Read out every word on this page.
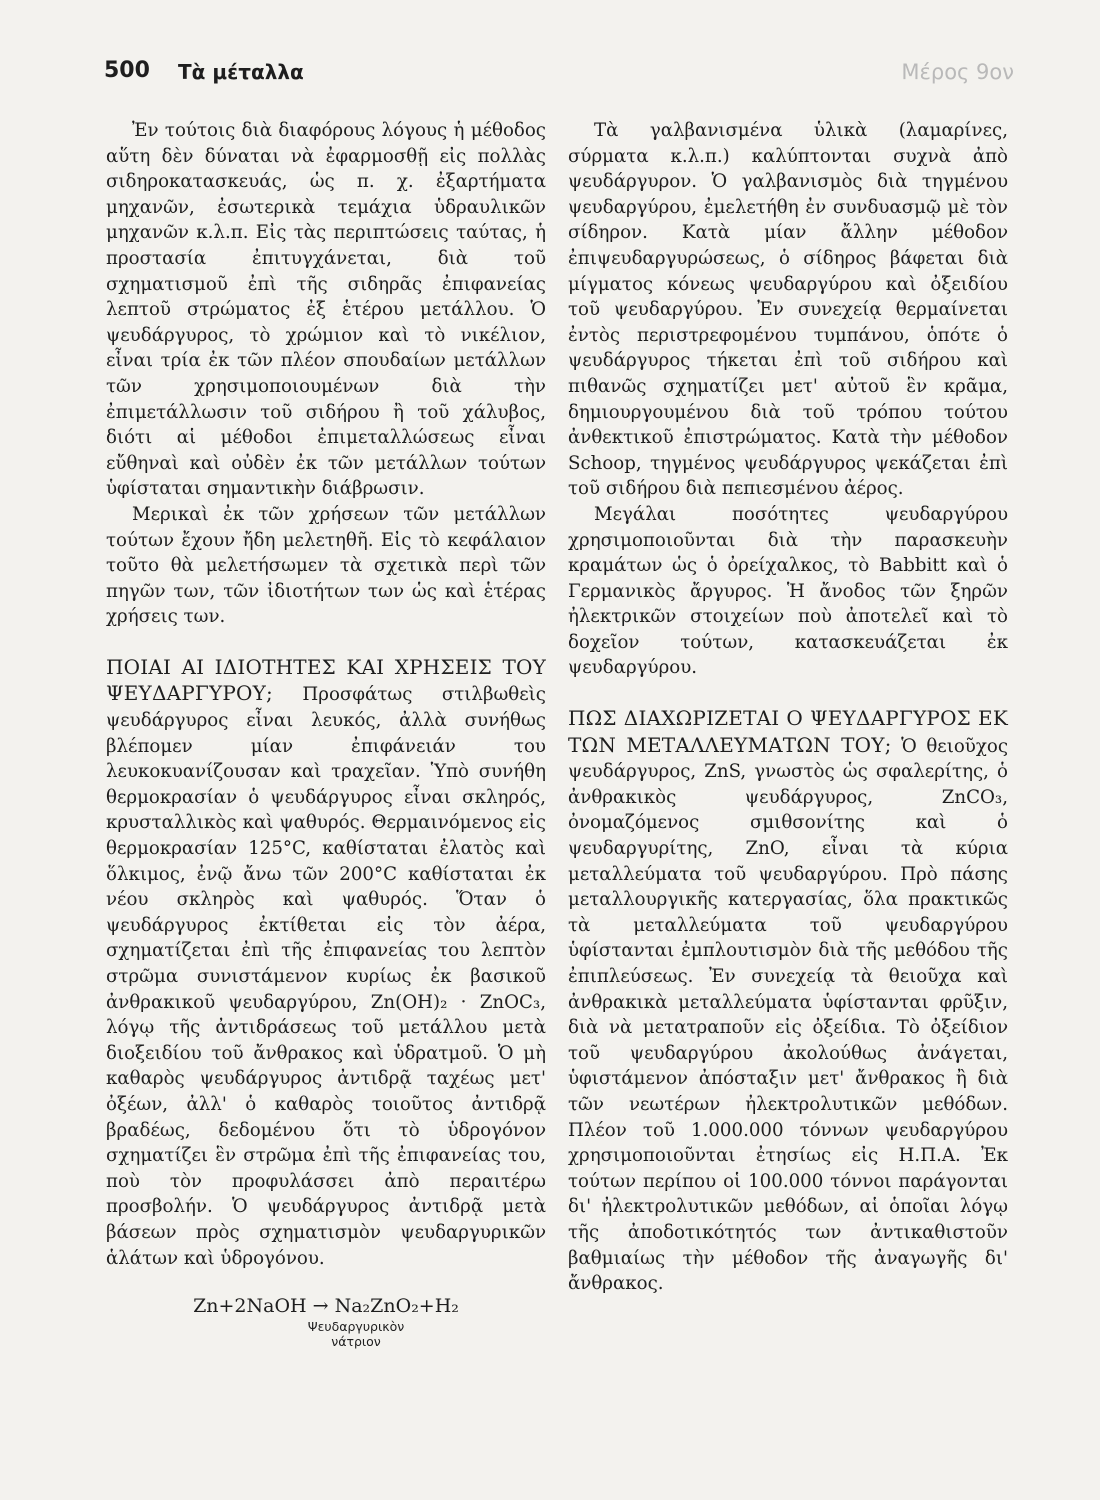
500 Τὰ μέταλλα	Μέρος 9ον

Ἐν τούτοις διὰ διαφόρους λόγους ἡ μέθοδος αὕτη δὲν δύναται νὰ ἐφαρμοσθῇ εἰς πολλὰς σιδηροκατασκευάς, ὡς π. χ. ἐξαρτήματα μηχανῶν, ἐσωτερικὰ τεμάχια ὑδραυλικῶν μηχανῶν κ.λ.π. Εἰς τὰς περιπτώσεις ταύτας, ἡ προστασία ἐπιτυγχάνεται, διὰ τοῦ σχηματισμοῦ ἐπὶ τῆς σιδηρᾶς ἐπιφανείας λεπτοῦ στρώματος ἐξ ἑτέρου μετάλλου. Ὁ ψευδάργυρος, τὸ χρώμιον καὶ τὸ νικέλιον, εἶναι τρία ἐκ τῶν πλέον σπουδαίων μετάλλων τῶν χρησιμοποιουμένων διὰ τὴν ἐπιμετάλλωσιν τοῦ σιδήρου ἢ τοῦ χάλυβος, διότι αἱ μέθοδοι ἐπιμεταλλώσεως εἶναι εὔθηναὶ καὶ οὐδὲν ἐκ τῶν μετάλλων τούτων ὑφίσταται σημαντικὴν διάβρωσιν.

Μερικαὶ ἐκ τῶν χρήσεων τῶν μετάλλων τούτων ἔχουν ἤδη μελετηθῆ. Εἰς τὸ κεφάλαιον τοῦτο θὰ μελετήσωμεν τὰ σχετικὰ περὶ τῶν πηγῶν των, τῶν ἰδιοτήτων των ὡς καὶ ἑτέρας χρήσεις των.

ΠΟΙΑΙ ΑΙ ΙΔΙΟΤΗΤΕΣ ΚΑΙ ΧΡΗΣΕΙΣ ΤΟΥ ΨΕΥΔΑΡΓΥΡΟΥ; Προσφάτως στιλβωθεὶς ψευδάργυρος εἶναι λευκός, ἀλλὰ συνήθως βλέπομεν μίαν ἐπιφάνειάν του λευκοκυανίζουσαν καὶ τραχεῖαν. Ὑπὸ συνήθη θερμοκρασίαν ὁ ψευδάργυρος εἶναι σκληρός, κρυσταλλικὸς καὶ ψαθυρός. Θερμαινόμενος εἰς θερμοκρασίαν 125°C, καθίσταται ἐλατὸς καὶ ὅλκιμος, ἐνῷ ἄνω τῶν 200°C καθίσταται ἐκ νέου σκληρὸς καὶ ψαθυρός. Ὅταν ὁ ψευδάργυρος ἐκτίθεται εἰς τὸν ἀέρα, σχηματίζεται ἐπὶ τῆς ἐπιφανείας του λεπτὸν στρῶμα συνιστάμενον κυρίως ἐκ βασικοῦ ἀνθρακικοῦ ψευδαργύρου, Zn(OH)₂ · ZnOC₃, λόγῳ τῆς ἀντιδράσεως τοῦ μετάλλου μετὰ διοξειδίου τοῦ ἄνθρακος καὶ ὑδρατμοῦ. Ὁ μὴ καθαρὸς ψευδάργυρος ἀντιδρᾷ ταχέως μετ' ὀξέων, ἀλλ' ὁ καθαρὸς τοιοῦτος ἀντιδρᾷ βραδέως, δεδομένου ὅτι τὸ ὑδρογόνον σχηματίζει ἓν στρῶμα ἐπὶ τῆς ἐπιφανείας του, ποὺ τὸν προφυλάσσει ἀπὸ περαιτέρω προσβολήν. Ὁ ψευδάργυρος ἀντιδρᾷ μετὰ βάσεων πρὸς σχηματισμὸν ψευδαργυρικῶν ἁλάτων καὶ ὑδρογόνου.

Zn+2NaOH → Na₂ZnO₂+H₂
Ψευδαργυρικὸν
νάτριον

Τὰ γαλβανισμένα ὑλικὰ (λαμαρίνες, σύρματα κ.λ.π.) καλύπτονται συχνὰ ἀπὸ ψευδάργυρον. Ὁ γαλβανισμὸς διὰ τηγμένου ψευδαργύρου, ἐμελετήθη ἐν συνδυασμῷ μὲ τὸν σίδηρον. Κατὰ μίαν ἄλλην μέθοδον ἐπιψευδαργυρώσεως, ὁ σίδηρος βάφεται διὰ μίγματος κόνεως ψευδαργύρου καὶ ὀξειδίου τοῦ ψευδαργύρου. Ἐν συνεχείᾳ θερμαίνεται ἐντὸς περιστρεφομένου τυμπάνου, ὁπότε ὁ ψευδάργυρος τήκεται ἐπὶ τοῦ σιδήρου καὶ πιθανῶς σχηματίζει μετ' αὐτοῦ ἓν κρᾶμα, δημιουργουμένου διὰ τοῦ τρόπου τούτου ἀνθεκτικοῦ ἐπιστρώματος. Κατὰ τὴν μέθοδον Schoop, τηγμένος ψευδάργυρος ψεκάζεται ἐπὶ τοῦ σιδήρου διὰ πεπιεσμένου ἀέρος.

Μεγάλαι ποσότητες ψευδαργύρου χρησιμοποιοῦνται διὰ τὴν παρασκευὴν κραμάτων ὡς ὁ ὀρείχαλκος, τὸ Babbitt καὶ ὁ Γερμανικὸς ἄργυρος. Ἡ ἄνοδος τῶν ξηρῶν ἠλεκτρικῶν στοιχείων ποὺ ἀποτελεῖ καὶ τὸ δοχεῖον τούτων, κατασκευάζεται ἐκ ψευδαργύρου.

ΠΩΣ ΔΙΑΧΩΡΙΖΕΤΑΙ Ο ΨΕΥΔΑΡΓΥΡΟΣ ΕΚ ΤΩΝ ΜΕΤΑΛΛΕΥΜΑΤΩΝ ΤΟΥ; Ὁ θειοῦχος ψευδάργυρος, ZnS, γνωστὸς ὡς σφαλερίτης, ὁ ἀνθρακικὸς ψευδάργυρος, ZnCO₃, ὀνομαζόμενος σμιθσονίτης καὶ ὁ ψευδαργυρίτης, ZnO, εἶναι τὰ κύρια μεταλλεύματα τοῦ ψευδαργύρου. Πρὸ πάσης μεταλλουργικῆς κατεργασίας, ὅλα πρακτικῶς τὰ μεταλλεύματα τοῦ ψευδαργύρου ὑφίστανται ἐμπλουτισμὸν διὰ τῆς μεθόδου τῆς ἐπιπλεύσεως. Ἐν συνεχείᾳ τὰ θειοῦχα καὶ ἀνθρακικὰ μεταλλεύματα ὑφίστανται φρῦξιν, διὰ νὰ μετατραποῦν εἰς ὀξείδια. Τὸ ὀξείδιον τοῦ ψευδαργύρου ἀκολούθως ἀνάγεται, ὑφιστάμενον ἀπόσταξιν μετ' ἄνθρακος ἢ διὰ τῶν νεωτέρων ἠλεκτρολυτικῶν μεθόδων. Πλέον τοῦ 1.000.000 τόννων ψευδαργύρου χρησιμοποιοῦνται ἐτησίως εἰς Η.Π.Α. Ἐκ τούτων περίπου οἱ 100.000 τόννοι παράγονται δι' ἠλεκτρολυτικῶν μεθόδων, αἱ ὁποῖαι λόγῳ τῆς ἀποδοτικότητός των ἀντικαθιστοῦν βαθμιαίως τὴν μέθοδον τῆς ἀναγωγῆς δι' ἄνθρακος.
